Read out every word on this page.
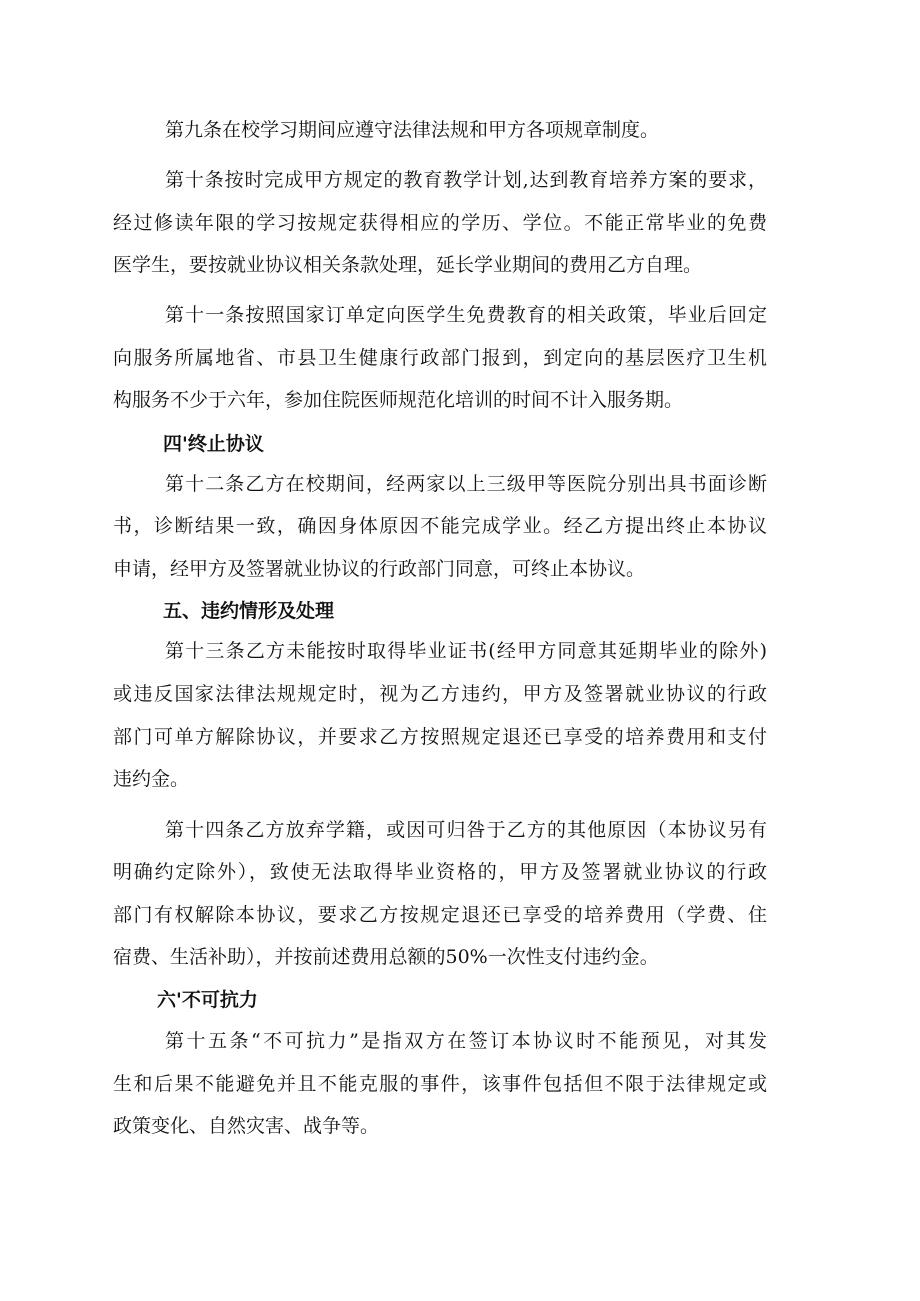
第九条在校学习期间应遵守法律法规和甲方各项规章制度。
第十条按时完成甲方规定的教育教学计划,达到教育培养方案的要求，
经过修读年限的学习按规定获得相应的学历、学位。不能正常毕业的免费
医学生，要按就业协议相关条款处理，延长学业期间的费用乙方自理。
第十一条按照国家订单定向医学生免费教育的相关政策，毕业后回定
向服务所属地省、市县卫生健康行政部门报到，到定向的基层医疗卫生机
构服务不少于六年，参加住院医师规范化培训的时间不计入服务期。
四'终止协议
第十二条乙方在校期间，经两家以上三级甲等医院分别出具书面诊断
书，诊断结果一致，确因身体原因不能完成学业。经乙方提出终止本协议
申请，经甲方及签署就业协议的行政部门同意，可终止本协议。
五、违约情形及处理
第十三条乙方未能按时取得毕业证书(经甲方同意其延期毕业的除外)
或违反国家法律法规规定时，视为乙方违约，甲方及签署就业协议的行政
部门可单方解除协议，并要求乙方按照规定退还已享受的培养费用和支付
违约金。
第十四条乙方放弃学籍，或因可归咎于乙方的其他原因（本协议另有
明确约定除外），致使无法取得毕业资格的，甲方及签署就业协议的行政
部门有权解除本协议，要求乙方按规定退还已享受的培养费用（学费、住
宿费、生活补助），并按前述费用总额的50%一次性支付违约金。
六'不可抗力
第十五条“不可抗力”是指双方在签订本协议时不能预见，对其发
生和后果不能避免并且不能克服的事件，该事件包括但不限于法律规定或
政策变化、自然灾害、战争等。
